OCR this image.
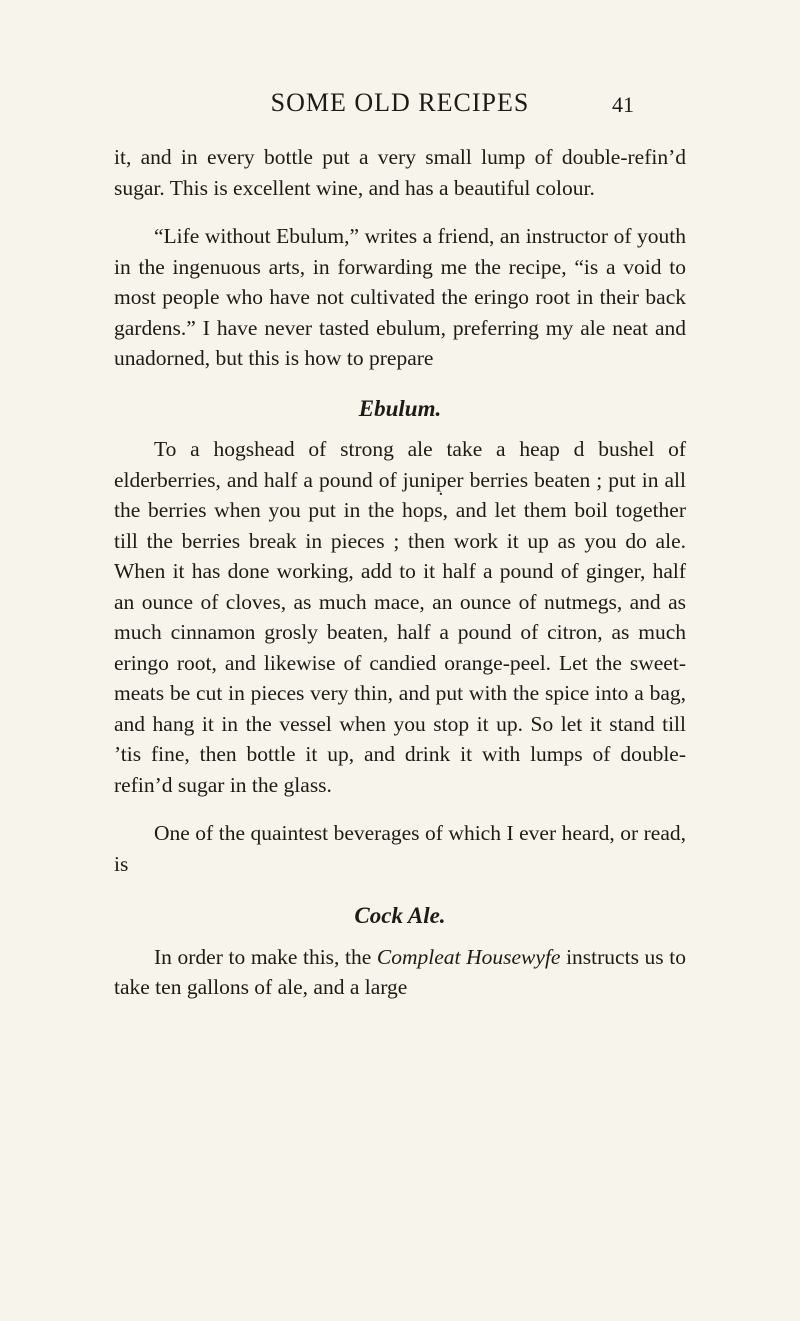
SOME OLD RECIPES	41

it, and in every bottle put a very small lump of double-refin’d sugar. This is excellent wine, and has a beautiful colour.

“Life without Ebulum,” writes a friend, an instructor of youth in the ingenuous arts, in forwarding me the recipe, “is a void to most people who have not cultivated the eringo root in their back gardens.” I have never tasted ebulum, preferring my ale neat and unadorned, but this is how to prepare

Ebulum.

To a hogshead of strong ale take a heap d bushel of elderberries, and half a pound of junip̣er berries beaten ; put in all the berries when you put in the hops, and let them boil together till the berries break in pieces ; then work it up as you do ale. When it has done working, add to it half a pound of ginger, half an ounce of cloves, as much mace, an ounce of nutmegs, and as much cinnamon grosly beaten, half a pound of citron, as much eringo root, and likewise of candied orange-peel. Let the sweet-meats be cut in pieces very thin, and put with the spice into a bag, and hang it in the vessel when you stop it up. So let it stand till ’tis fine, then bottle it up, and drink it with lumps of double-refin’d sugar in the glass.

One of the quaintest beverages of which I ever heard, or read, is

Cock Ale.

In order to make this, the Compleat Housewyfe instructs us to take ten gallons of ale, and a large
